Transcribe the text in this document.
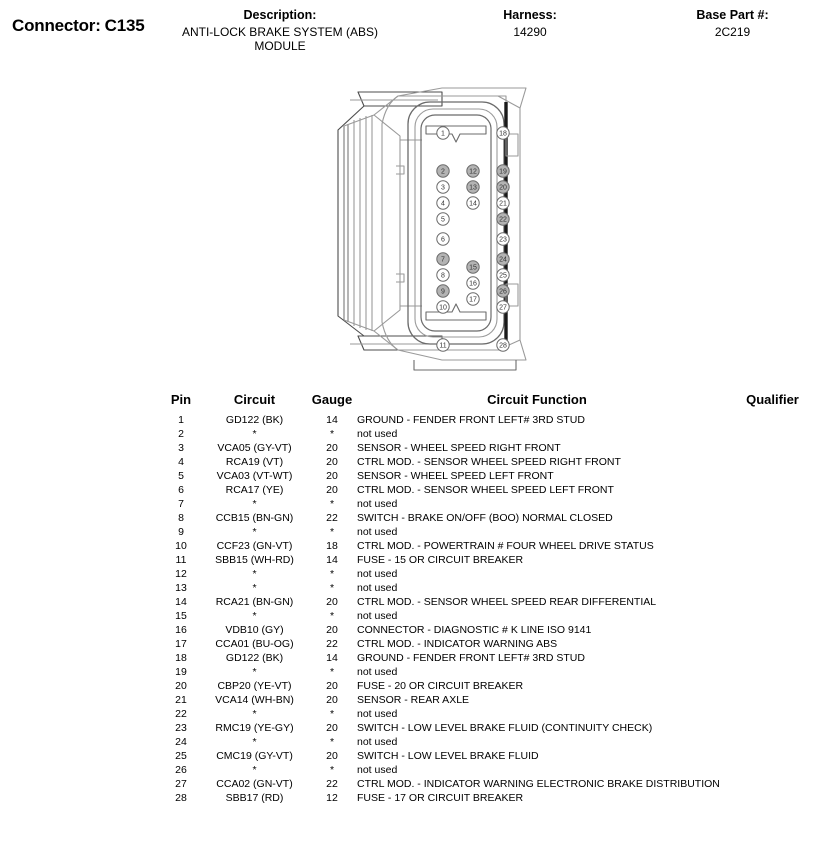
Connector: C135
Description:
ANTI-LOCK BRAKE SYSTEM (ABS) MODULE
Harness:
14290
Base Part #:
2C219
1	18
2	12	19
3	13	20
4	14	21
5	22
6	23
7	24
15
8	25
16
9	26
17
10	27
11	28
	Pin	Circuit	Gauge	Circuit Function	Qualifier
	1	GD122 (BK)	14	GROUND - FENDER FRONT LEFT# 3RD STUD	
	2	*	*	not used	
	3	VCA05 (GY-VT)	20	SENSOR - WHEEL SPEED RIGHT FRONT	
	4	RCA19 (VT)	20	CTRL MOD. - SENSOR WHEEL SPEED RIGHT FRONT	
	5	VCA03 (VT-WT)	20	SENSOR - WHEEL SPEED LEFT FRONT	
	6	RCA17 (YE)	20	CTRL MOD. - SENSOR WHEEL SPEED LEFT FRONT	
	7	*	*	not used	
	8	CCB15 (BN-GN)	22	SWITCH - BRAKE ON/OFF (BOO) NORMAL CLOSED	
	9	*	*	not used	
	10	CCF23 (GN-VT)	18	CTRL MOD. - POWERTRAIN # FOUR WHEEL DRIVE STATUS	
	11	SBB15 (WH-RD)	14	FUSE - 15 OR CIRCUIT BREAKER	
	12	*	*	not used	
	13	*	*	not used	
	14	RCA21 (BN-GN)	20	CTRL MOD. - SENSOR WHEEL SPEED REAR DIFFERENTIAL	
	15	*	*	not used	
	16	VDB10 (GY)	20	CONNECTOR - DIAGNOSTIC # K LINE ISO 9141	
	17	CCA01 (BU-OG)	22	CTRL MOD. - INDICATOR WARNING ABS	
	18	GD122 (BK)	14	GROUND - FENDER FRONT LEFT# 3RD STUD	
	19	*	*	not used	
	20	CBP20 (YE-VT)	20	FUSE - 20 OR CIRCUIT BREAKER	
	21	VCA14 (WH-BN)	20	SENSOR - REAR AXLE	
	22	*	*	not used	
	23	RMC19 (YE-GY)	20	SWITCH - LOW LEVEL BRAKE FLUID (CONTINUITY CHECK)	
	24	*	*	not used	
	25	CMC19 (GY-VT)	20	SWITCH - LOW LEVEL BRAKE FLUID	
	26	*	*	not used	
	27	CCA02 (GN-VT)	22	CTRL MOD. - INDICATOR WARNING ELECTRONIC BRAKE DISTRIBUTION	
	28	SBB17 (RD)	12	FUSE - 17 OR CIRCUIT BREAKER	
